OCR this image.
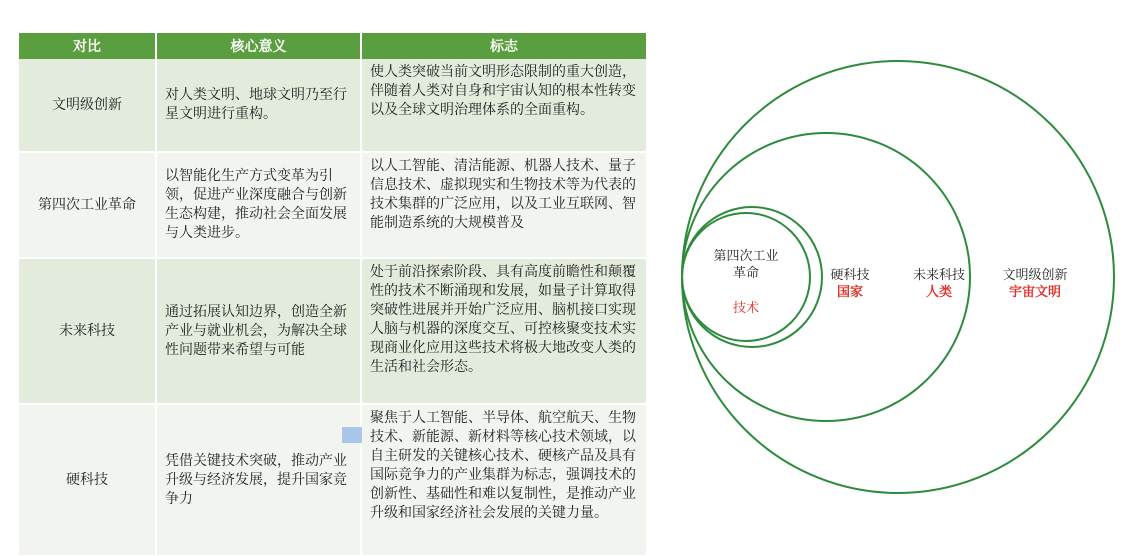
对比	核心意义	标志
文明级创新	对人类文明、地球文明乃至行星文明进行重构。	使人类突破当前文明形态限制的重大创造，伴随着人类对自身和宇宙认知的根本性转变以及全球文明治理体系的全面重构。
第四次工业革命	以智能化生产方式变革为引领，促进产业深度融合与创新生态构建，推动社会全面发展与人类进步。	以人工智能、清洁能源、机器人技术、量子信息技术、虚拟现实和生物技术等为代表的技术集群的广泛应用，以及工业互联网、智能制造系统的大规模普及
未来科技	通过拓展认知边界，创造全新产业与就业机会，为解决全球性问题带来希望与可能	处于前沿探索阶段、具有高度前瞻性和颠覆性的技术不断涌现和发展，如量子计算取得突破性进展并开始广泛应用、脑机接口实现人脑与机器的深度交互、可控核聚变技术实现商业化应用这些技术将极大地改变人类的生活和社会形态。
硬科技	凭借关键技术突破，推动产业升级与经济发展，提升国家竞争力	聚焦于人工智能、半导体、航空航天、生物技术、新能源、新材料等核心技术领域，以自主研发的关键核心技术、硬核产品及具有国际竞争力的产业集群为标志，强调技术的创新性、基础性和难以复制性，是推动产业升级和国家经济社会发展的关键力量。
第四次工业
革命
技术
硬科技
国家
未来科技
人类
文明级创新
宇宙文明
